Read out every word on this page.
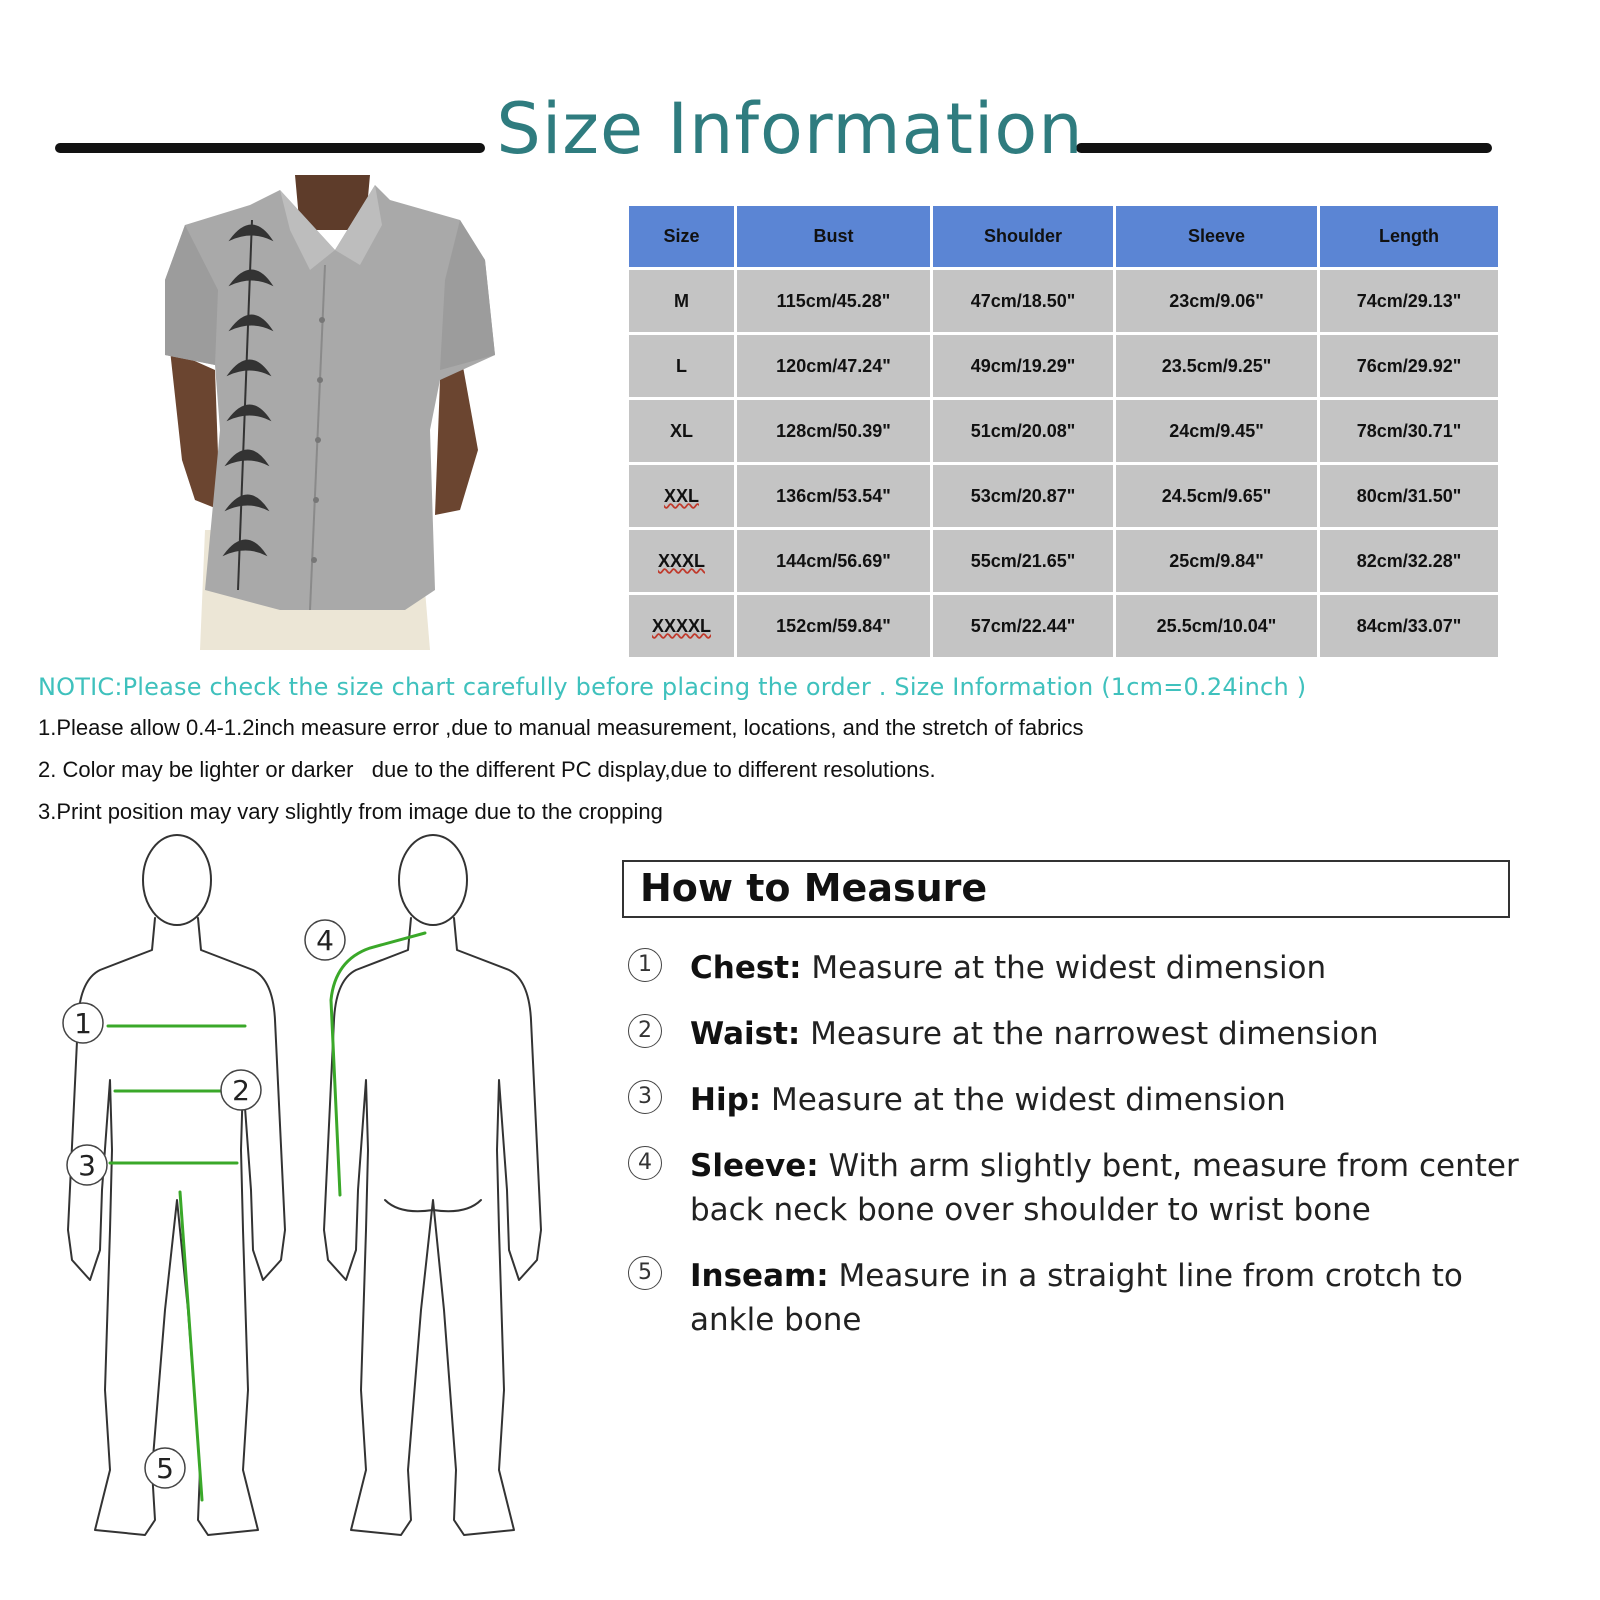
Size Information
Size	Bust	Shoulder	Sleeve	Length
M	115cm/45.28"	47cm/18.50"	23cm/9.06"	74cm/29.13"
L	120cm/47.24"	49cm/19.29"	23.5cm/9.25"	76cm/29.92"
XL	128cm/50.39"	51cm/20.08"	24cm/9.45"	78cm/30.71"
XXL	136cm/53.54"	53cm/20.87"	24.5cm/9.65"	80cm/31.50"
XXXL	144cm/56.69"	55cm/21.65"	25cm/9.84"	82cm/32.28"
XXXXL	152cm/59.84"	57cm/22.44"	25.5cm/10.04"	84cm/33.07"
NOTIC:Please check the size chart carefully before placing the order . Size Information (1cm=0.24inch )
1.Please allow 0.4-1.2inch measure error ,due to manual measurement, locations, and the stretch of fabrics
2. Color may be lighter or darker   due to the different PC display,due to different resolutions.
3.Print position may vary slightly from image due to the cropping
1
2
3
4
5
How to Measure
1	Chest: Measure at the widest dimension
2	Waist: Measure at the narrowest dimension
3	Hip: Measure at the widest dimension
4	Sleeve: With arm slightly bent, measure from center back neck bone over shoulder to wrist bone
5	Inseam: Measure in a straight line from crotch to ankle bone
